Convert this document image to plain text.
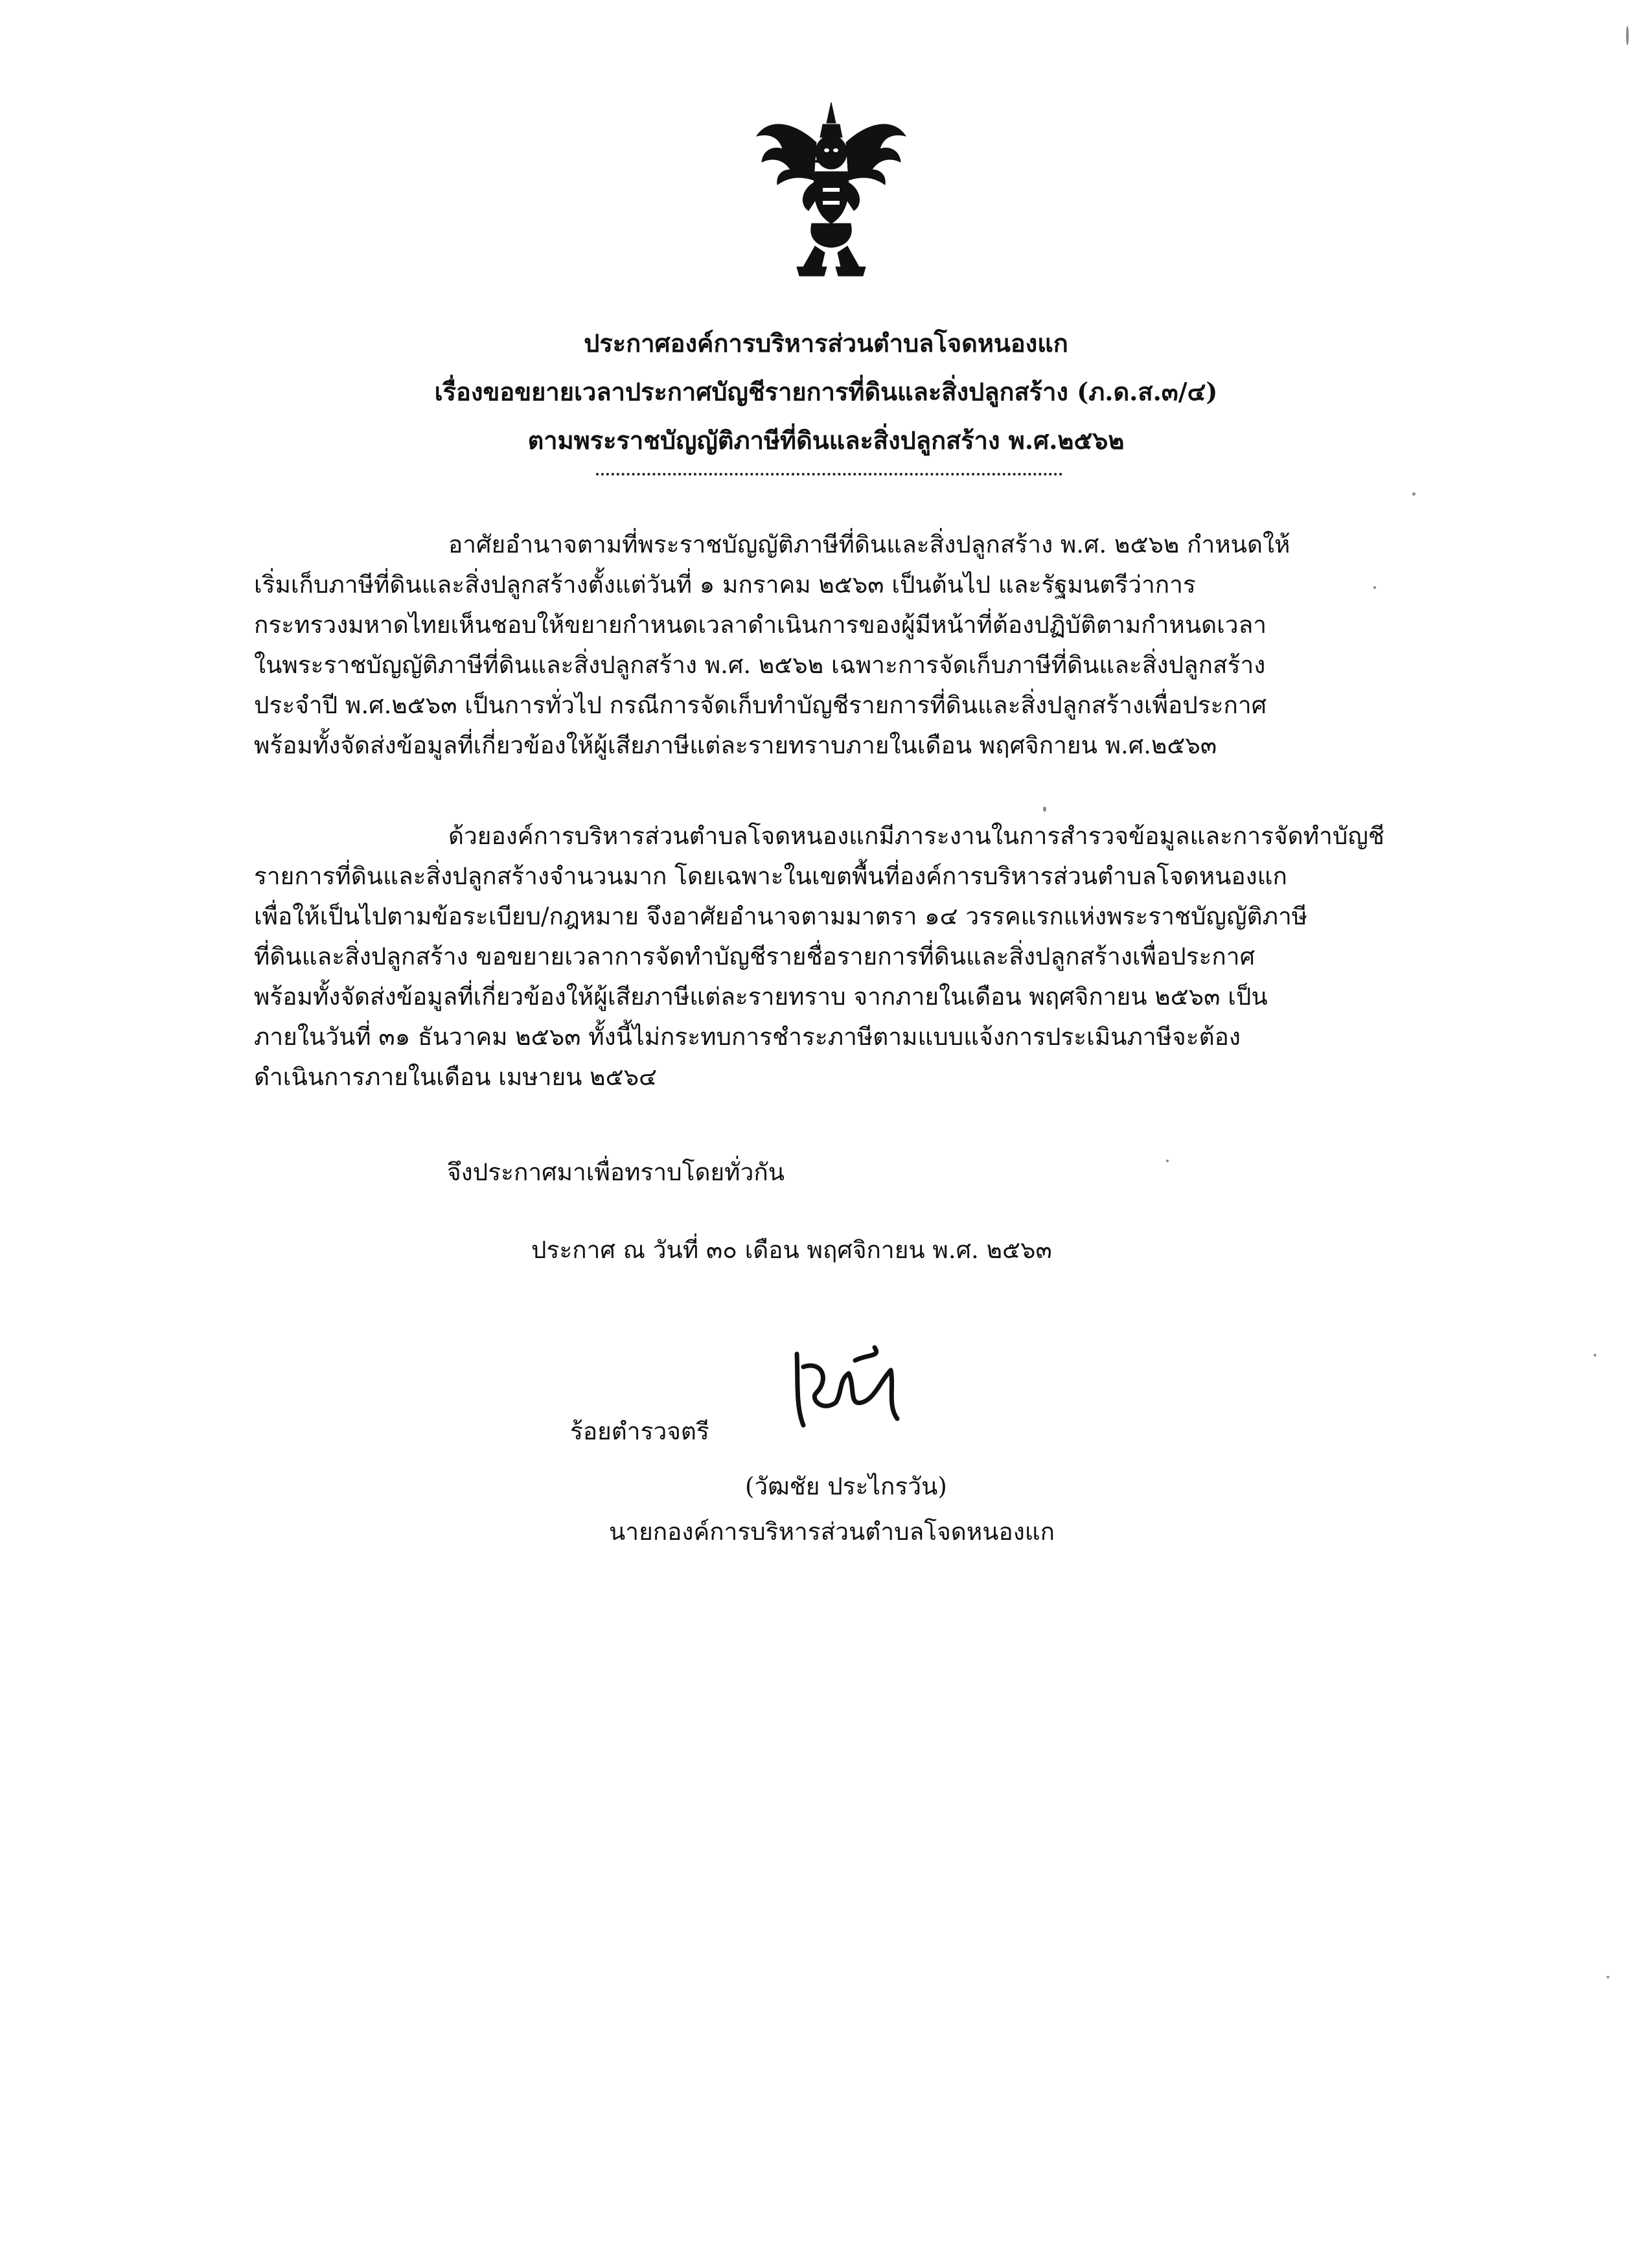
ประกาศองค์การบริหารส่วนตำบลโจดหนองแก
เรื่องขอขยายเวลาประกาศบัญชีรายการที่ดินและสิ่งปลูกสร้าง (ภ.ด.ส.๓/๔)
ตามพระราชบัญญัติภาษีที่ดินและสิ่งปลูกสร้าง พ.ศ.๒๕๖๒
อาศัยอำนาจตามที่พระราชบัญญัติภาษีที่ดินและสิ่งปลูกสร้าง พ.ศ. ๒๕๖๒ กำหนดให้
เริ่มเก็บภาษีที่ดินและสิ่งปลูกสร้างตั้งแต่วันที่ ๑ มกราคม ๒๕๖๓ เป็นต้นไป และรัฐมนตรีว่าการ
กระทรวงมหาดไทยเห็นชอบให้ขยายกำหนดเวลาดำเนินการของผู้มีหน้าที่ต้องปฏิบัติตามกำหนดเวลา
ในพระราชบัญญัติภาษีที่ดินและสิ่งปลูกสร้าง พ.ศ. ๒๕๖๒ เฉพาะการจัดเก็บภาษีที่ดินและสิ่งปลูกสร้าง
ประจำปี พ.ศ.๒๕๖๓ เป็นการทั่วไป กรณีการจัดเก็บทำบัญชีรายการที่ดินและสิ่งปลูกสร้างเพื่อประกาศ
พร้อมทั้งจัดส่งข้อมูลที่เกี่ยวข้องให้ผู้เสียภาษีแต่ละรายทราบภายในเดือน พฤศจิกายน พ.ศ.๒๕๖๓
ด้วยองค์การบริหารส่วนตำบลโจดหนองแกมีภาระงานในการสำรวจข้อมูลและการจัดทำบัญชี
รายการที่ดินและสิ่งปลูกสร้างจำนวนมาก โดยเฉพาะในเขตพื้นที่องค์การบริหารส่วนตำบลโจดหนองแก
เพื่อให้เป็นไปตามข้อระเบียบ/กฎหมาย จึงอาศัยอำนาจตามมาตรา ๑๔ วรรคแรกแห่งพระราชบัญญัติภาษี
ที่ดินและสิ่งปลูกสร้าง ขอขยายเวลาการจัดทำบัญชีรายชื่อรายการที่ดินและสิ่งปลูกสร้างเพื่อประกาศ
พร้อมทั้งจัดส่งข้อมูลที่เกี่ยวข้องให้ผู้เสียภาษีแต่ละรายทราบ จากภายในเดือน พฤศจิกายน ๒๕๖๓ เป็น
ภายในวันที่ ๓๑ ธันวาคม ๒๕๖๓ ทั้งนี้ไม่กระทบการชำระภาษีตามแบบแจ้งการประเมินภาษีจะต้อง
ดำเนินการภายในเดือน เมษายน ๒๕๖๔
จึงประกาศมาเพื่อทราบโดยทั่วกัน
ประกาศ ณ วันที่ ๓๐ เดือน พฤศจิกายน พ.ศ. ๒๕๖๓
ร้อยตำรวจตรี
(วัฒชัย ประไกรวัน)
นายกองค์การบริหารส่วนตำบลโจดหนองแก
